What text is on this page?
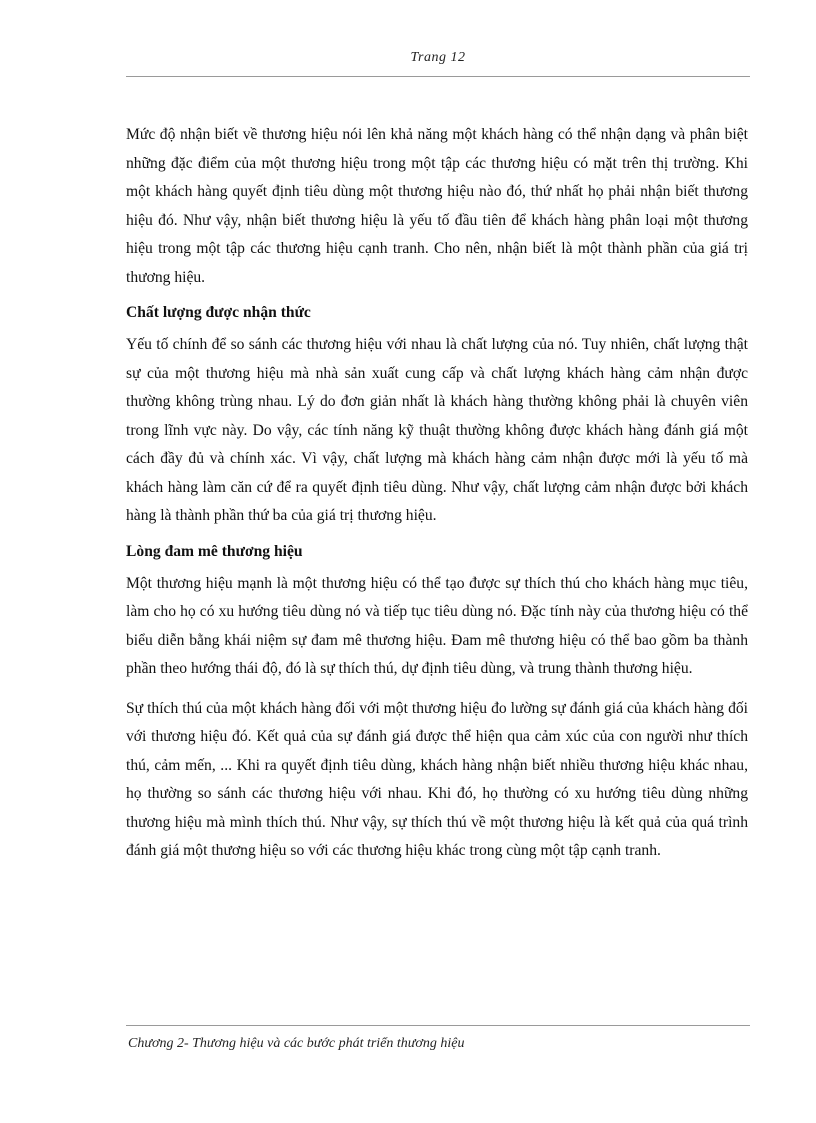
Trang 12

Mức độ nhận biết về thương hiệu nói lên khả năng một khách hàng có thể nhận dạng và phân biệt những đặc điểm của một thương hiệu trong một tập các thương hiệu có mặt trên thị trường. Khi một khách hàng quyết định tiêu dùng một thương hiệu nào đó, thứ nhất họ phải nhận biết thương hiệu đó. Như vậy, nhận biết thương hiệu là yếu tố đầu tiên để khách hàng phân loại một thương hiệu trong một tập các thương hiệu cạnh tranh. Cho nên, nhận biết là một thành phần của giá trị thương hiệu.

Chất lượng được nhận thức

Yếu tố chính để so sánh các thương hiệu với nhau là chất lượng của nó. Tuy nhiên, chất lượng thật sự của một thương hiệu mà nhà sản xuất cung cấp và chất lượng khách hàng cảm nhận được thường không trùng nhau. Lý do đơn giản nhất là khách hàng thường không phải là chuyên viên trong lĩnh vực này. Do vậy, các tính năng kỹ thuật thường không được khách hàng đánh giá một cách đầy đủ và chính xác. Vì vậy, chất lượng mà khách hàng cảm nhận được mới là yếu tố mà khách hàng làm căn cứ để ra quyết định tiêu dùng. Như vậy, chất lượng cảm nhận được bởi khách hàng là thành phần thứ ba của giá trị thương hiệu.

Lòng đam mê thương hiệu

Một thương hiệu mạnh là một thương hiệu có thể tạo được sự thích thú cho khách hàng mục tiêu, làm cho họ có xu hướng tiêu dùng nó và tiếp tục tiêu dùng nó. Đặc tính này của thương hiệu có thể biểu diễn bằng khái niệm sự đam mê thương hiệu. Đam mê thương hiệu có thể bao gồm ba thành phần theo hướng thái độ, đó là sự thích thú, dự định tiêu dùng, và trung thành thương hiệu.

Sự thích thú của một khách hàng đối với một thương hiệu đo lường sự đánh giá của khách hàng đối với thương hiệu đó. Kết quả của sự đánh giá được thể hiện qua cảm xúc của con người như thích thú, cảm mến, ... Khi ra quyết định tiêu dùng, khách hàng nhận biết nhiều thương hiệu khác nhau, họ thường so sánh các thương hiệu với nhau. Khi đó, họ thường có xu hướng tiêu dùng những thương hiệu mà mình thích thú. Như vậy, sự thích thú về một thương hiệu là kết quả của quá trình đánh giá một thương hiệu so với các thương hiệu khác trong cùng một tập cạnh tranh.

Chương 2- Thương hiệu và các bước phát triển thương hiệu
